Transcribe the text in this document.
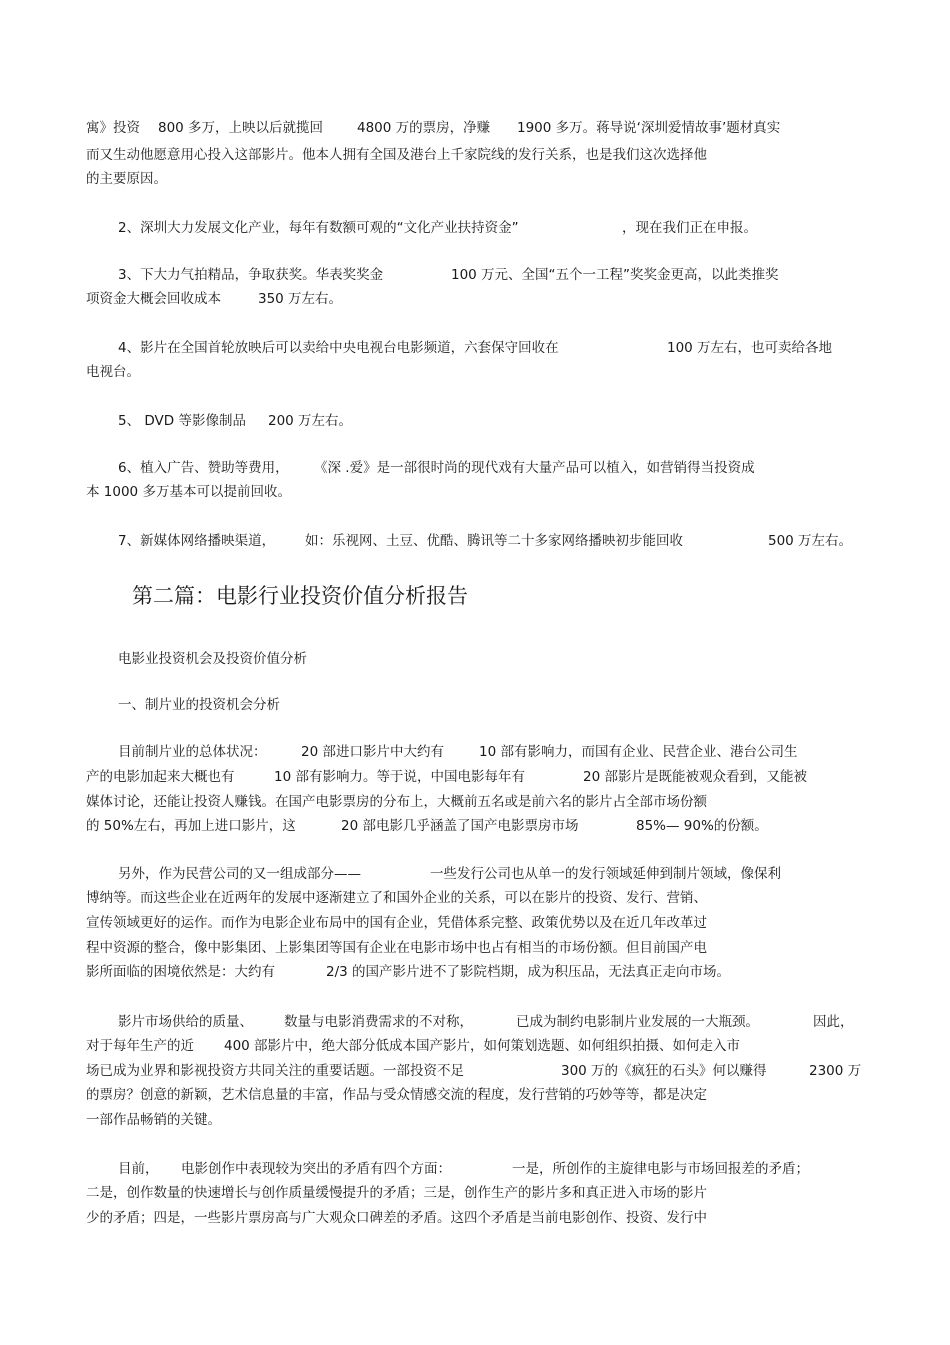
寓》投资 800 多万，上映以后就揽回	4800 万的票房，净赚 1900 多万。蒋导说‘深圳爱情故事’题材真实
而又生动他愿意用心投入这部影片。他本人拥有全国及港台上千家院线的发行关系，也是我们这次选择他
的主要原因。
2、深圳大力发展文化产业，每年有数额可观的“文化产业扶持资金”	，现在我们正在申报。
3、下大力气拍精品，争取获奖。华表奖奖金	100 万元、全国“五个一工程”奖奖金更高，以此类推奖
项资金大概会回收成本	350 万左右。
4、影片在全国首轮放映后可以卖给中央电视台电影频道，六套保守回收在	100 万左右，也可卖给各地
电视台。
5、 DVD 等影像制品 200 万左右。
6、植入广告、赞助等费用， 《深 .爱》是一部很时尚的现代戏有大量产品可以植入，如营销得当投资成
本 1000 多万基本可以提前回收。
7、新媒体网络播映渠道， 如：乐视网、土豆、优酷、腾讯等二十多家网络播映初步能回收	500 万左右。
第二篇：电影行业投资价值分析报告
电影业投资机会及投资价值分析
一、制片业的投资机会分析
目前制片业的总体状况：	20 部进口影片中大约有	10 部有影响力，而国有企业、民营企业、港台公司生
产的电影加起来大概也有	10 部有影响力。等于说，中国电影每年有	20 部影片是既能被观众看到，又能被
媒体讨论，还能让投资人赚钱。在国产电影票房的分布上，大概前五名或是前六名的影片占全部市场份额
的 50%左右，再加上进口影片，这	20 部电影几乎涵盖了国产电影票房市场	85%— 90%的份额。
另外，作为民营公司的又一组成部分——	一些发行公司也从单一的发行领域延伸到制片领域，像保利
博纳等。而这些企业在近两年的发展中逐渐建立了和国外企业的关系，可以在影片的投资、发行、营销、
宣传领域更好的运作。而作为电影企业布局中的国有企业，凭借体系完整、政策优势以及在近几年改革过
程中资源的整合，像中影集团、上影集团等国有企业在电影市场中也占有相当的市场份额。但目前国产电
影所面临的困境依然是：大约有	2/3 的国产影片进不了影院档期，成为积压品，无法真正走向市场。
影片市场供给的质量、 数量与电影消费需求的不对称，	已成为制约电影制片业发展的一大瓶颈。	因此，
对于每年生产的近 400 部影片中，绝大部分低成本国产影片，如何策划选题、如何组织拍摄、如何走入市
场已成为业界和影视投资方共同关注的重要话题。一部投资不足	300 万的《疯狂的石头》何以赚得	2300 万
的票房？创意的新颖，艺术信息量的丰富，作品与受众情感交流的程度，发行营销的巧妙等等，都是决定
一部作品畅销的关键。
目前， 电影创作中表现较为突出的矛盾有四个方面：	一是，所创作的主旋律电影与市场回报差的矛盾；
二是，创作数量的快速增长与创作质量缓慢提升的矛盾；三是，创作生产的影片多和真正进入市场的影片
少的矛盾；四是，一些影片票房高与广大观众口碑差的矛盾。这四个矛盾是当前电影创作、投资、发行中
